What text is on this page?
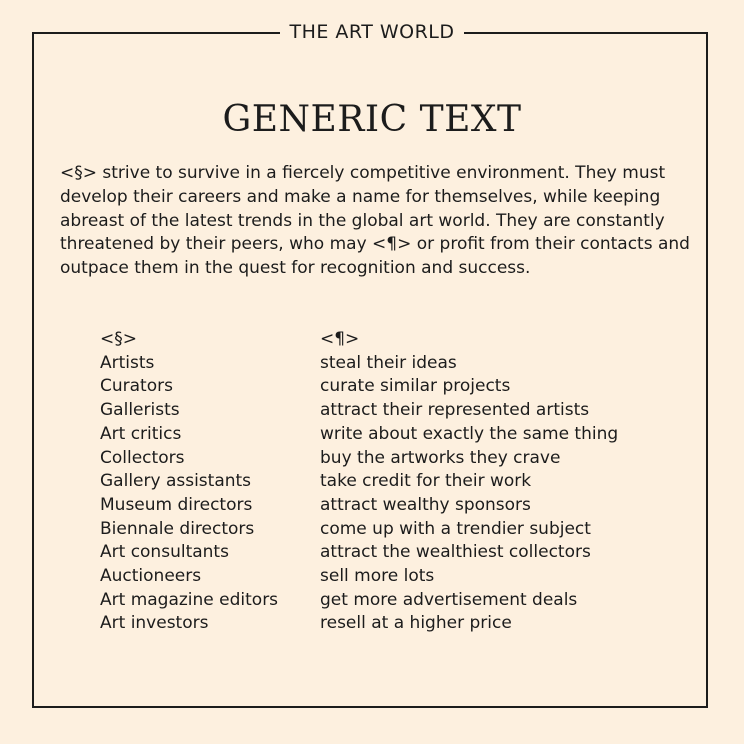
THE ART WORLD
GENERIC TEXT

<§> strive to survive in a fiercely competitive environment. They must develop their careers and make a name for themselves, while keeping abreast of the latest trends in the global art world. They are constantly threatened by their peers, who may <¶> or profit from their contacts and outpace them in the quest for recognition and success.

<§>	<¶>
Artists	steal their ideas
Curators	curate similar projects
Gallerists	attract their represented artists
Art critics	write about exactly the same thing
Collectors	buy the artworks they crave
Gallery assistants	take credit for their work
Museum directors	attract wealthy sponsors
Biennale directors	come up with a trendier subject
Art consultants	attract the wealthiest collectors
Auctioneers	sell more lots
Art magazine editors	get more advertisement deals
Art investors	resell at a higher price
